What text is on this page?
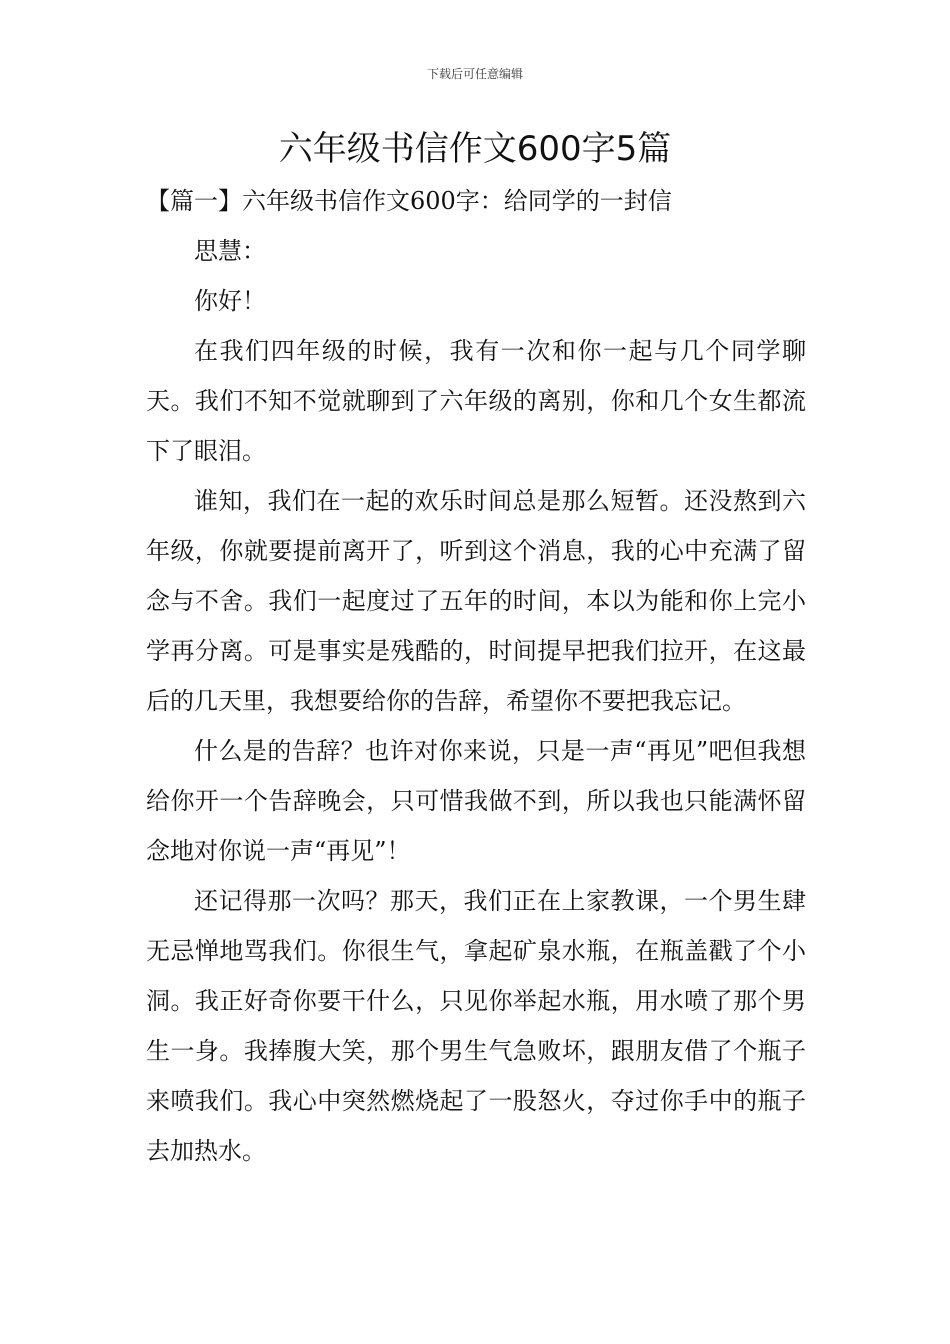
下载后可任意编辑
六年级书信作文600字5篇

【篇一】六年级书信作文600字：给同学的一封信

思慧：

你好！

在我们四年级的时候，我有一次和你一起与几个同学聊天。我们不知不觉就聊到了六年级的离别，你和几个女生都流下了眼泪。

谁知，我们在一起的欢乐时间总是那么短暂。还没熬到六年级，你就要提前离开了，听到这个消息，我的心中充满了留念与不舍。我们一起度过了五年的时间，本以为能和你上完小学再分离。可是事实是残酷的，时间提早把我们拉开，在这最后的几天里，我想要给你的告辞，希望你不要把我忘记。

什么是的告辞？也许对你来说，只是一声“再见”吧但我想给你开一个告辞晚会，只可惜我做不到，所以我也只能满怀留念地对你说一声“再见”！

还记得那一次吗？那天，我们正在上家教课，一个男生肆无忌惮地骂我们。你很生气，拿起矿泉水瓶，在瓶盖戳了个小洞。我正好奇你要干什么，只见你举起水瓶，用水喷了那个男生一身。我捧腹大笑，那个男生气急败坏，跟朋友借了个瓶子来喷我们。我心中突然燃烧起了一股怒火，夺过你手中的瓶子去加热水。
